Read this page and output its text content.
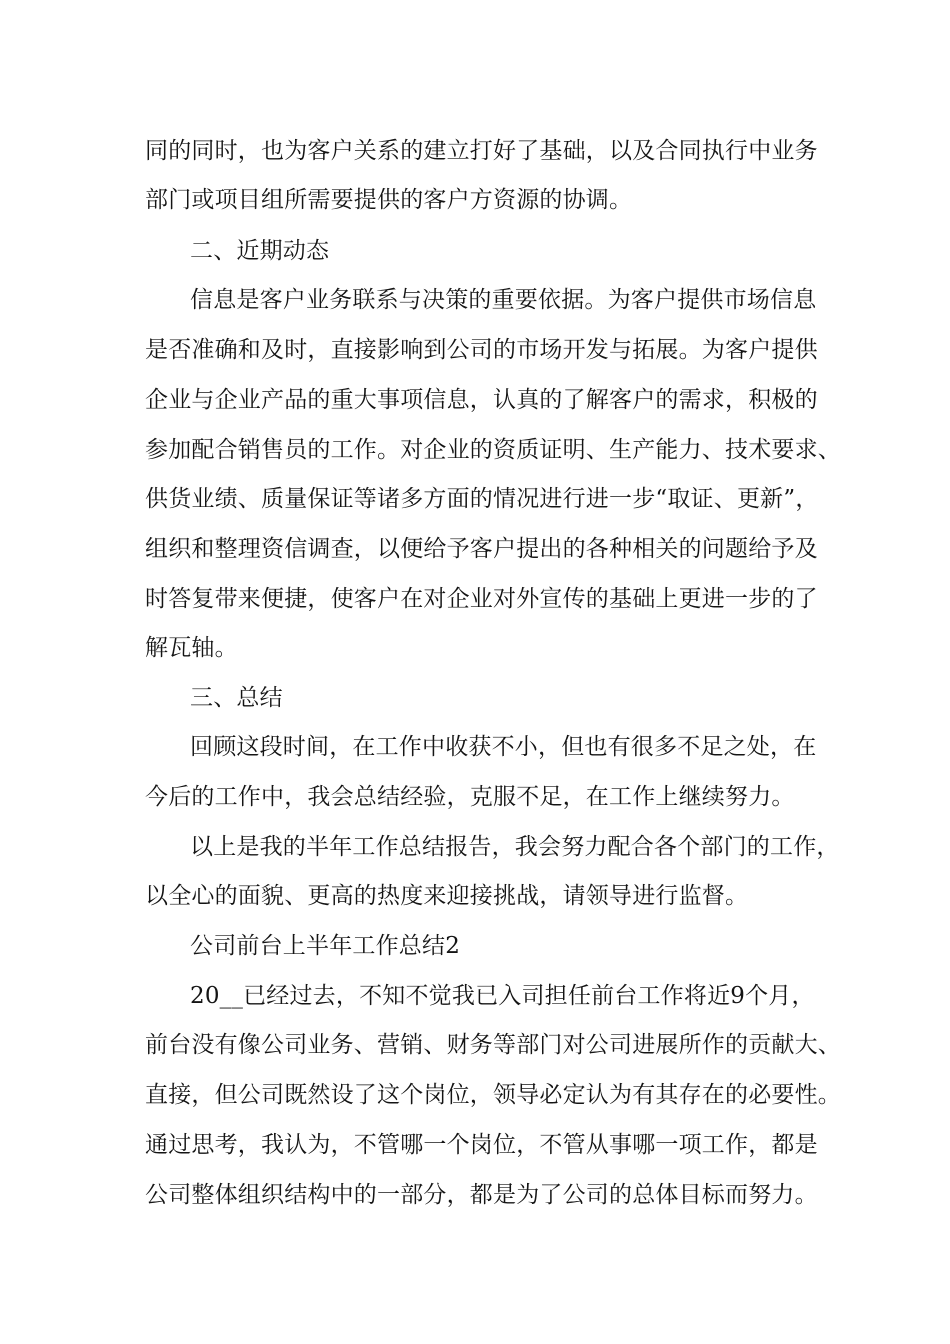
同的同时，也为客户关系的建立打好了基础，以及合同执行中业务
部门或项目组所需要提供的客户方资源的协调。
二、近期动态
信息是客户业务联系与决策的重要依据。为客户提供市场信息
是否准确和及时，直接影响到公司的市场开发与拓展。为客户提供
企业与企业产品的重大事项信息，认真的了解客户的需求，积极的
参加配合销售员的工作。对企业的资质证明、生产能力、技术要求、
供货业绩、质量保证等诸多方面的情况进行进一步“取证、更新”，
组织和整理资信调查，以便给予客户提出的各种相关的问题给予及
时答复带来便捷，使客户在对企业对外宣传的基础上更进一步的了
解瓦轴。
三、总结
回顾这段时间，在工作中收获不小，但也有很多不足之处，在
今后的工作中，我会总结经验，克服不足，在工作上继续努力。
以上是我的半年工作总结报告，我会努力配合各个部门的工作，
以全心的面貌、更高的热度来迎接挑战，请领导进行监督。
公司前台上半年工作总结2
20__已经过去，不知不觉我已入司担任前台工作将近9个月，
前台没有像公司业务、营销、财务等部门对公司进展所作的贡献大、
直接，但公司既然设了这个岗位，领导必定认为有其存在的必要性。
通过思考，我认为，不管哪一个岗位，不管从事哪一项工作，都是
公司整体组织结构中的一部分，都是为了公司的总体目标而努力。
